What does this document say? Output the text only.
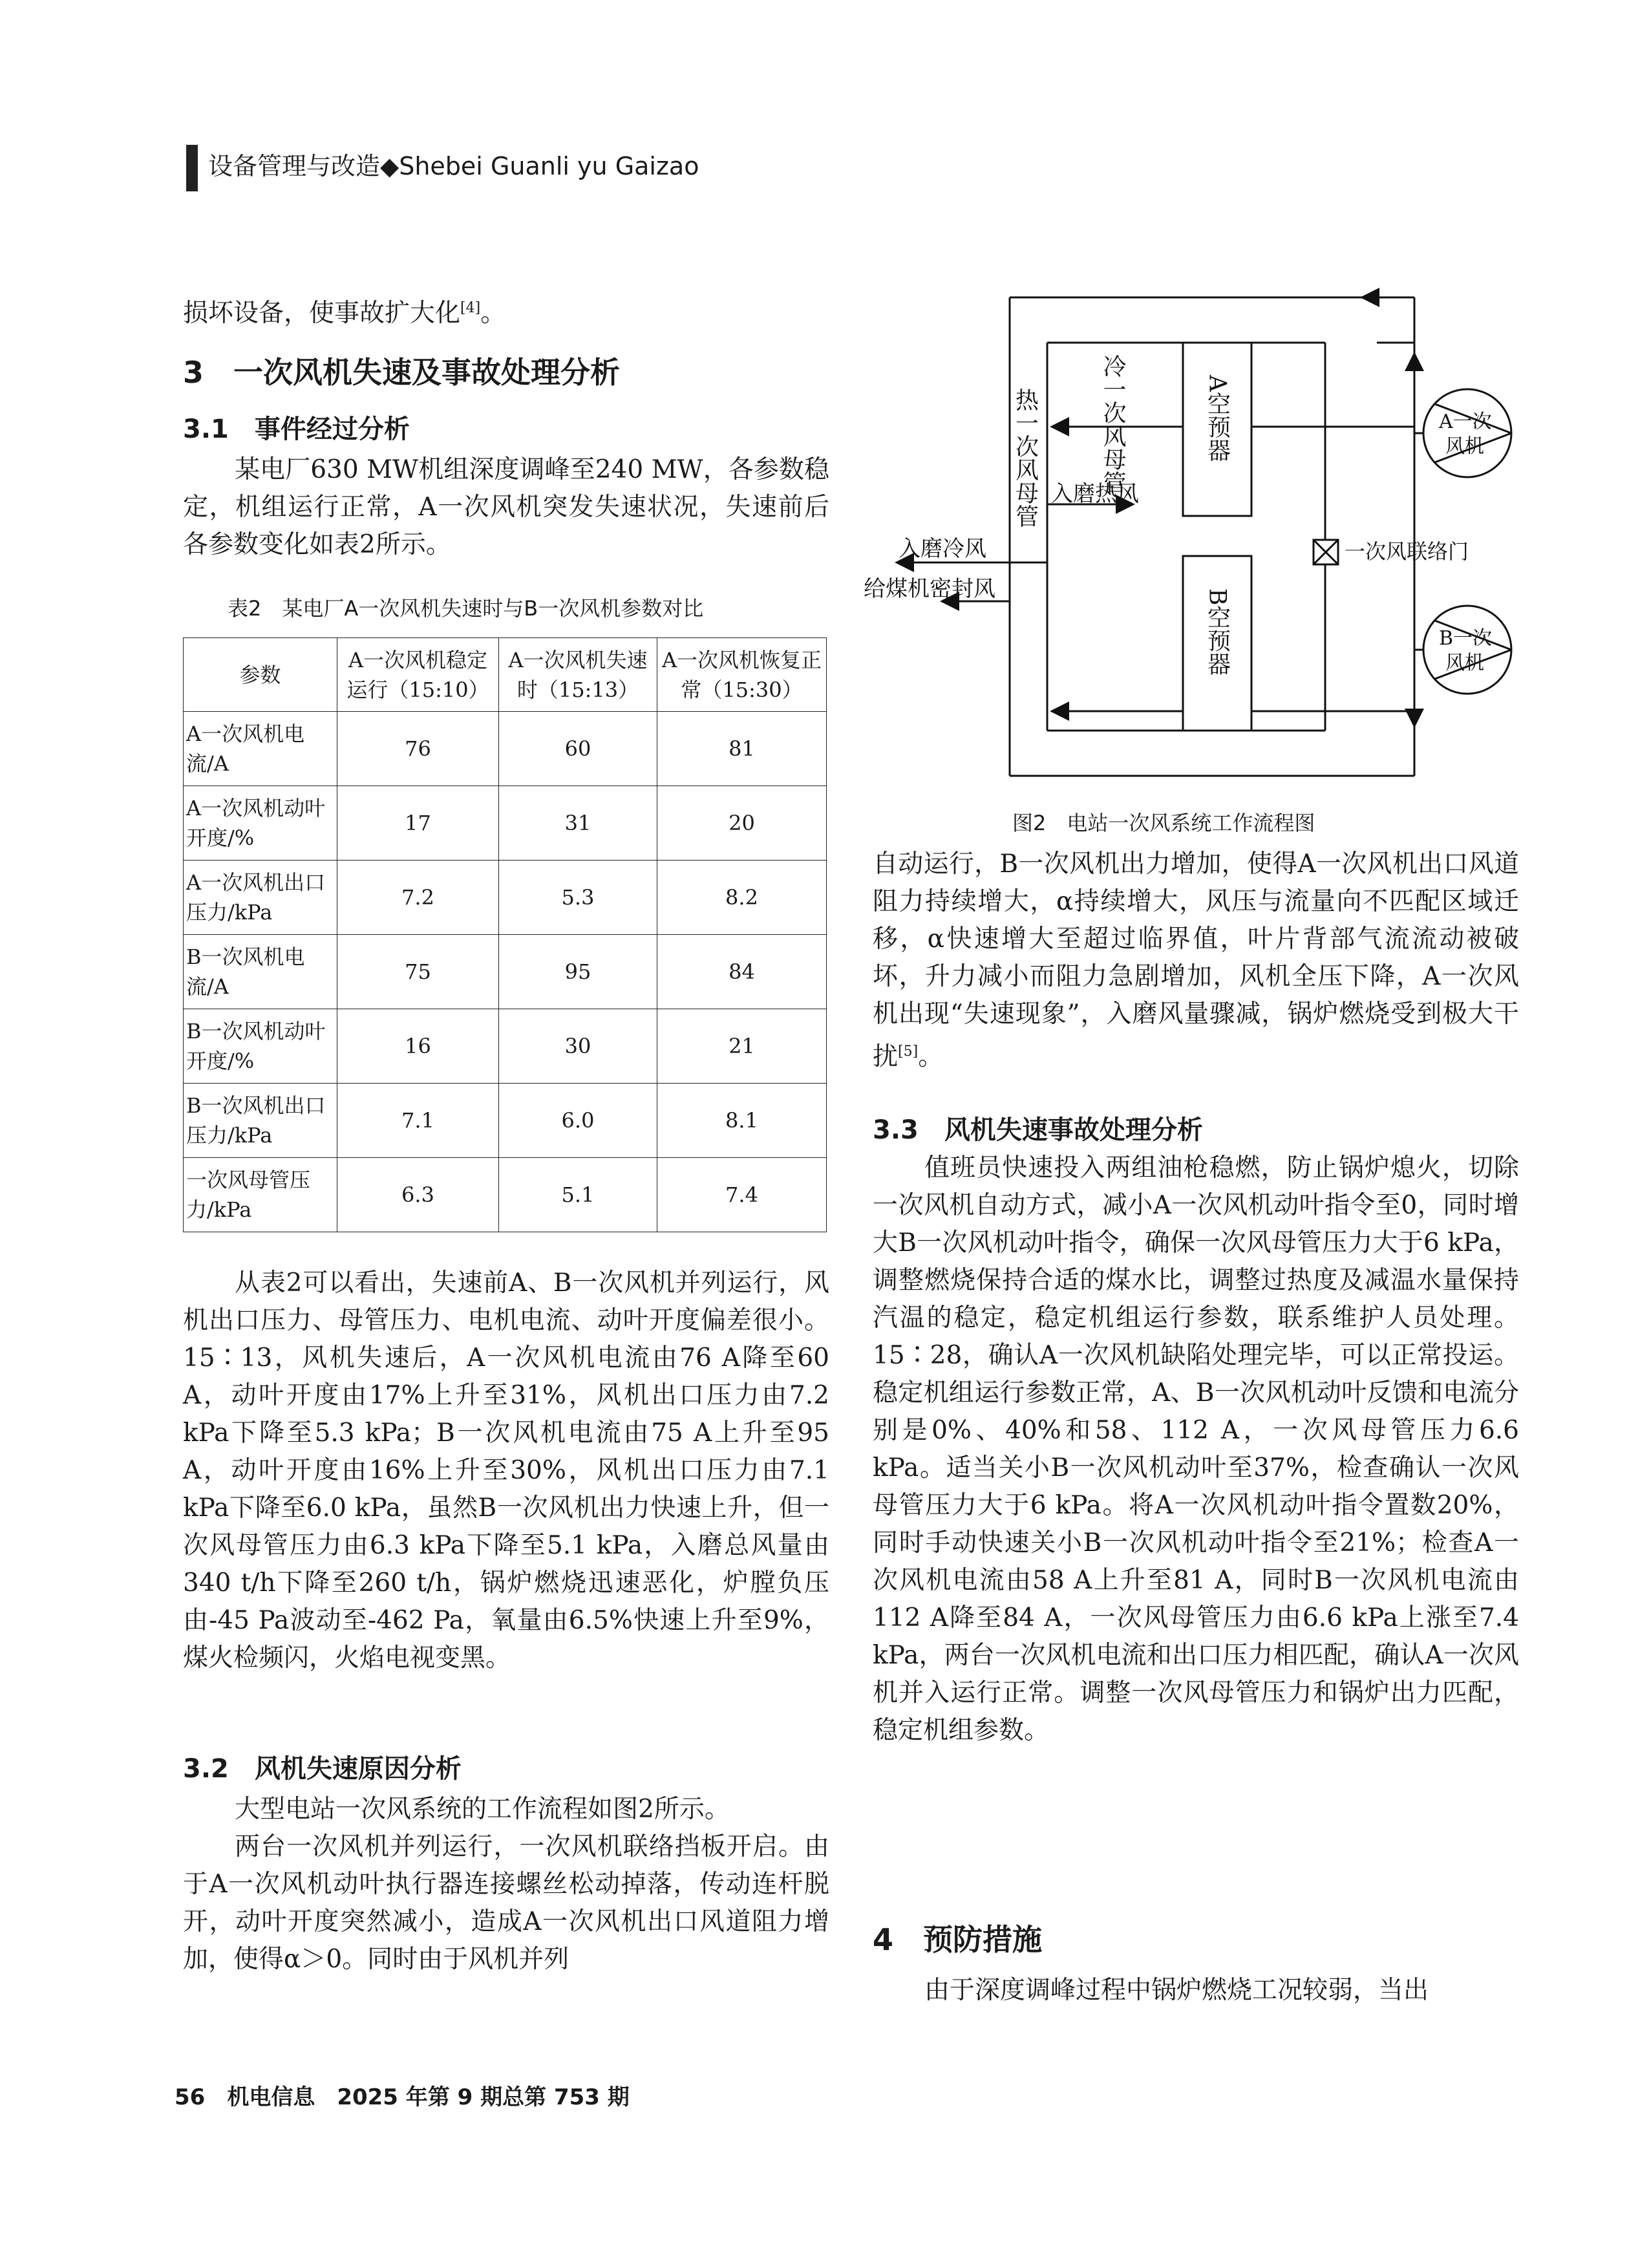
设备管理与改造◆Shebei Guanli yu Gaizao

损坏设备，使事故扩大化[4]。

3　一次风机失速及事故处理分析
3.1　事件经过分析

某电厂630 MW机组深度调峰至240 MW，各参数稳定，机组运行正常，A一次风机突发失速状况，失速前后各参数变化如表2所示。

表2　某电厂A一次风机失速时与B一次风机参数对比
参数	A一次风机稳定运行（15:10）	A一次风机失速时（15:13）	A一次风机恢复正常（15:30）
A一次风机电流/A	76	60	81
A一次风机动叶开度/%	17	31	20
A一次风机出口压力/kPa	7.2	5.3	8.2
B一次风机电流/A	75	95	84
B一次风机动叶开度/%	16	30	21
B一次风机出口压力/kPa	7.1	6.0	8.1
一次风母管压力/kPa	6.3	5.1	7.4

从表2可以看出，失速前A、B一次风机并列运行，风机出口压力、母管压力、电机电流、动叶开度偏差很小。15∶13，风机失速后，A一次风机电流由76 A降至60 A，动叶开度由17%上升至31%，风机出口压力由7.2 kPa下降至5.3 kPa；B一次风机电流由75 A上升至95 A，动叶开度由16%上升至30%，风机出口压力由7.1 kPa下降至6.0 kPa，虽然B一次风机出力快速上升，但一次风母管压力由6.3 kPa下降至5.1 kPa，入磨总风量由340 t/h下降至260 t/h，锅炉燃烧迅速恶化，炉膛负压由-45 Pa波动至-462 Pa，氧量由6.5%快速上升至9%，煤火检频闪，火焰电视变黑。

3.2　风机失速原因分析

大型电站一次风系统的工作流程如图2所示。

两台一次风机并列运行，一次风机联络挡板开启。由于A一次风机动叶执行器连接螺丝松动掉落，传动连杆脱开，动叶开度突然减小，造成A一次风机出口风道阻力增加，使得α＞0。同时由于风机并列

冷一次风母管
热一次风母管 入磨热风
入磨冷风
给煤机密封风
A空预器
B空预器
一次风联络门
A一次
风机
B一次
风机
图2　电站一次风系统工作流程图

自动运行，B一次风机出力增加，使得A一次风机出口风道阻力持续增大，α持续增大，风压与流量向不匹配区域迁移，α快速增大至超过临界值，叶片背部气流流动被破坏，升力减小而阻力急剧增加，风机全压下降，A一次风机出现“失速现象”，入磨风量骤减，锅炉燃烧受到极大干扰[5]。

3.3　风机失速事故处理分析

值班员快速投入两组油枪稳燃，防止锅炉熄火，切除一次风机自动方式，减小A一次风机动叶指令至0，同时增大B一次风机动叶指令，确保一次风母管压力大于6 kPa，调整燃烧保持合适的煤水比，调整过热度及减温水量保持汽温的稳定，稳定机组运行参数，联系维护人员处理。15∶28，确认A一次风机缺陷处理完毕，可以正常投运。稳定机组运行参数正常，A、B一次风机动叶反馈和电流分别是0%、40%和58、112 A，一次风母管压力6.6 kPa。适当关小B一次风机动叶至37%，检查确认一次风母管压力大于6 kPa。将A一次风机动叶指令置数20%，同时手动快速关小B一次风机动叶指令至21%；检查A一次风机电流由58 A上升至81 A，同时B一次风机电流由112 A降至84 A，一次风母管压力由6.6 kPa上涨至7.4 kPa，两台一次风机电流和出口压力相匹配，确认A一次风机并入运行正常。调整一次风母管压力和锅炉出力匹配，稳定机组参数。

4　预防措施

由于深度调峰过程中锅炉燃烧工况较弱，当出

56　机电信息　2025 年第 9 期总第 753 期
